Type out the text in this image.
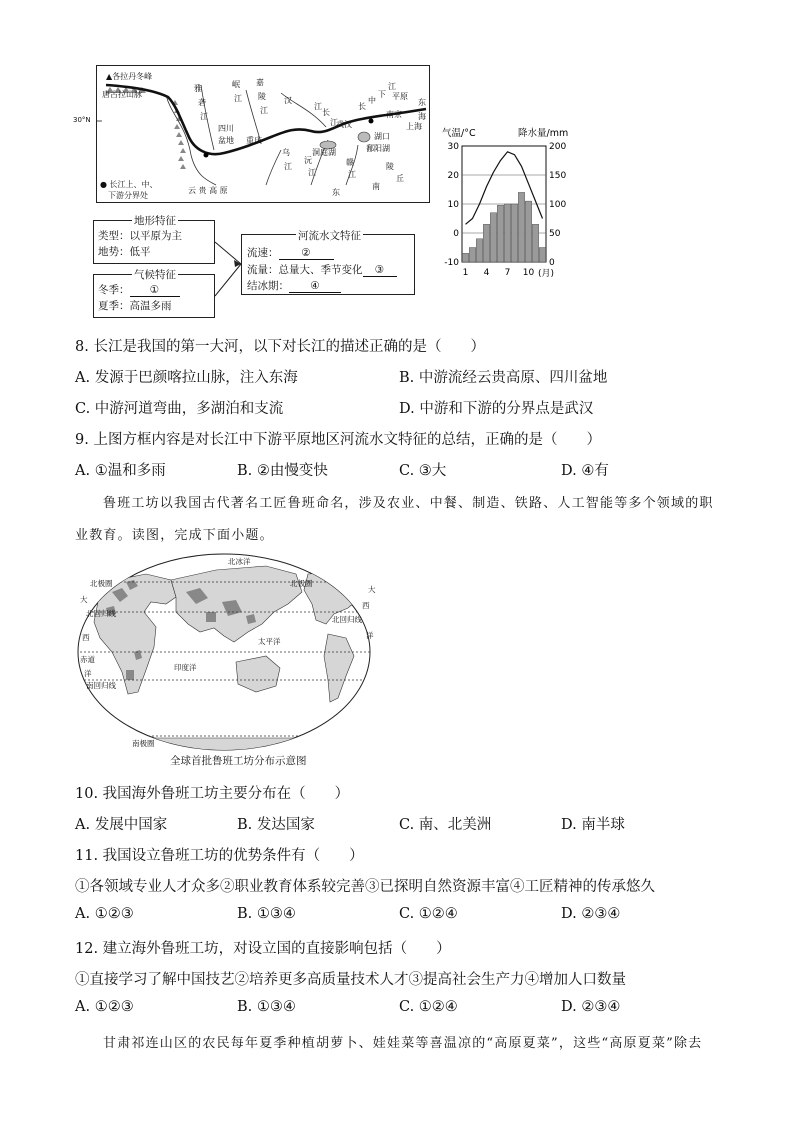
▲各拉丹冬峰
唐古拉山脉
雅
砻
江
岷
江
嘉
陵
江
汉
江
四川
盆地 重庆
乌
江
沅
江
长
江
武汉
洞庭湖
赣
江
湖口
鄱阳湖
长
中
下
江
平原
南京
上海
东
海
陵
丘
东
南
云 贵 高 原
● 长江上、中、
下游分界处
30°N
地形特征
类型：以平原为主
地势：低平
气候特征
冬季： ①
夏季：高温多雨
河流水文特征
流速： ②
流量：总量大、季节变化 ③
结冰期： ④
气温/°C	降水量/mm
30
20
10
0
-10
200
150
100
50
0
1 4 7 10 (月)
8. 长江是我国的第一大河，以下对长江的描述正确的是（　　）
A. 发源于巴颜喀拉山脉，注入东海	B. 中游流经云贵高原、四川盆地
C. 中游河道弯曲，多湖泊和支流	D. 中游和下游的分界点是武汉
9. 上图方框内容是对长江中下游平原地区河流水文特征的总结，正确的是（　　）
A. ①温和多雨	B. ②由慢变快	C. ③大	D. ④有
鲁班工坊以我国古代著名工匠鲁班命名，涉及农业、中餐、制造、铁路、人工智能等多个领域的职
业教育。读图，完成下面小题。
北冰洋
北极圈	北极圈
北回归线
北回归线
赤道
南回归线
南极圈
太平洋
印度洋
大
西
洋
大
西
洋
全球首批鲁班工坊分布示意图
10. 我国海外鲁班工坊主要分布在（　　）
A. 发展中国家	B. 发达国家	C. 南、北美洲	D. 南半球
11. 我国设立鲁班工坊的优势条件有（　　）
①各领域专业人才众多②职业教育体系较完善③已探明自然资源丰富④工匠精神的传承悠久
A. ①②③	B. ①③④	C. ①②④	D. ②③④
12. 建立海外鲁班工坊，对设立国的直接影响包括（　　）
①直接学习了解中国技艺②培养更多高质量技术人才③提高社会生产力④增加人口数量
A. ①②③	B. ①③④	C. ①②④	D. ②③④
甘肃祁连山区的农民每年夏季种植胡萝卜、娃娃菜等喜温凉的“高原夏菜”，这些“高原夏菜”除去
